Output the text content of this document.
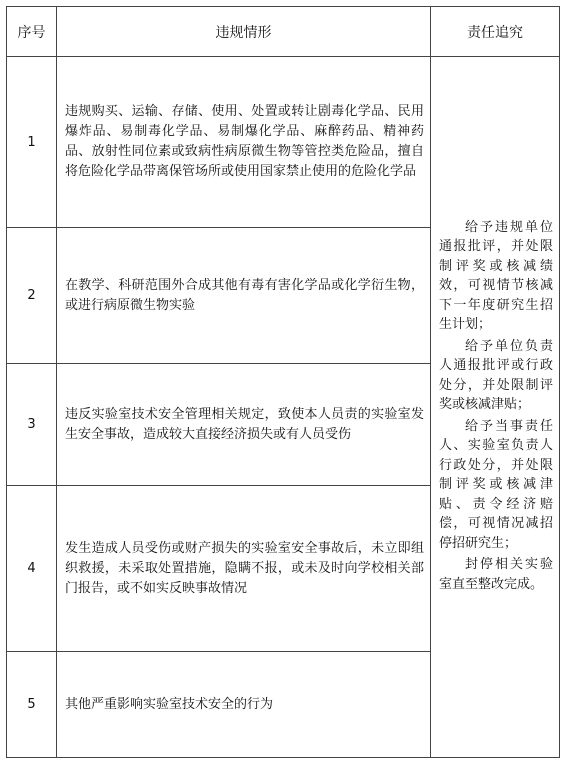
序号	违规情形	责任追究
1	违规购买、运输、存储、使用、处置或转让剧毒化学品、民用爆炸品、易制毒化学品、易制爆化学品、麻醉药品、精神药品、放射性同位素或致病性病原微生物等管控类危险品，擅自将危险化学品带离保管场所或使用国家禁止使用的危险化学品	给予违规单位通报批评，并处限制评奖或核减绩效，可视情节核减下一年度研究生招生计划；

给予单位负责人通报批评或行政处分，并处限制评奖或核减津贴；

给予当事责任人、实验室负责人行政处分，并处限制评奖或核减津贴、责令经济赔偿，可视情况减招停招研究生；

封停相关实验室直至整改完成。

2	在教学、科研范围外合成其他有毒有害化学品或化学衍生物，或进行病原微生物实验	
3	违反实验室技术安全管理相关规定，致使本人员责的实验室发生安全事故，造成较大直接经济损失或有人员受伤	
4	发生造成人员受伤或财产损失的实验室安全事故后，未立即组织救援，未采取处置措施，隐瞒不报，或未及时向学校相关部门报告，或不如实反映事故情况	
5	其他严重影响实验室技术安全的行为	
